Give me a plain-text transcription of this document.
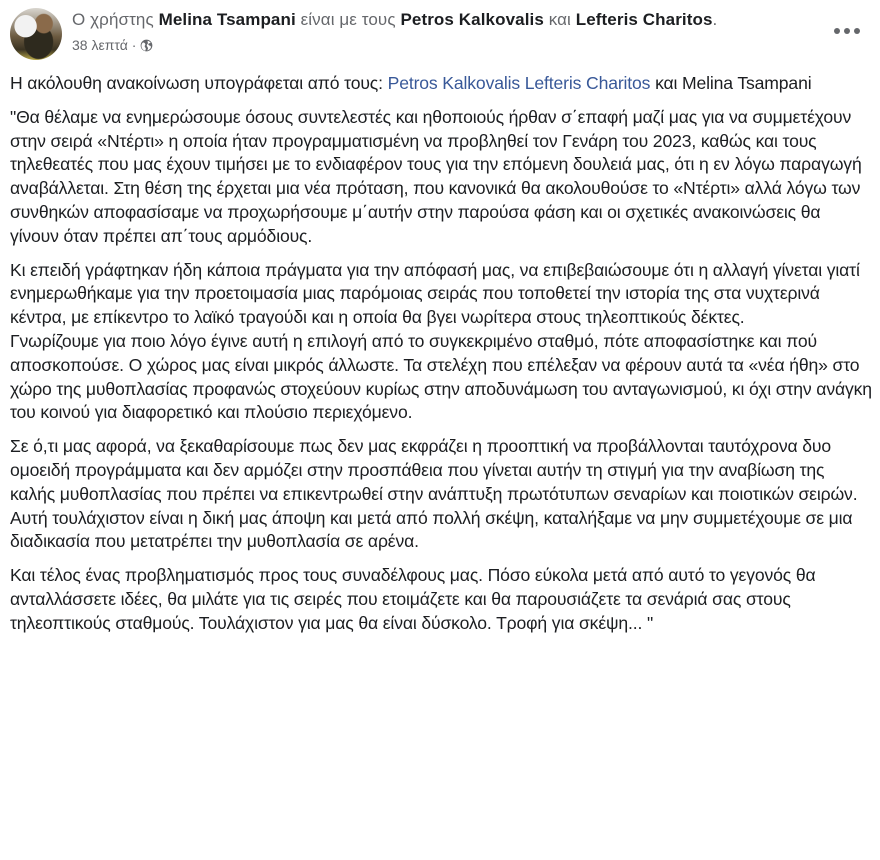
Ο χρήστης Melina Tsampani είναι με τους Petros Kalkovalis και Lefteris Charitos.
38 λεπτά ·

Η ακόλουθη ανακοίνωση υπογράφεται από τους: Petros Kalkovalis Lefteris Charitos και Melina Tsampani

"Θα θέλαμε να ενημερώσουμε όσους συντελεστές και ηθοποιούς ήρθαν σ΄επαφή μαζί μας για να συμμετέχουν στην σειρά «Ντέρτι» η οποία ήταν προγραμματισμένη να προβληθεί τον Γενάρη του 2023, καθώς και τους τηλεθεατές που μας έχουν τιμήσει με το ενδιαφέρον τους για την επόμενη δουλειά μας, ότι η εν λόγω παραγωγή αναβάλλεται. Στη θέση της έρχεται μια νέα πρόταση, που κανονικά θα ακολουθούσε το «Ντέρτι» αλλά λόγω των συνθηκών αποφασίσαμε να προχωρήσουμε μ΄αυτήν στην παρούσα φάση και οι σχετικές ανακοινώσεις θα γίνουν όταν πρέπει απ΄τους αρμόδιους.

Κι επειδή γράφτηκαν ήδη κάποια πράγματα για την απόφασή μας, να επιβεβαιώσουμε ότι η αλλαγή γίνεται γιατί ενημερωθήκαμε για την προετοιμασία μιας παρόμοιας σειράς που τοποθετεί την ιστορία της στα νυχτερινά κέντρα, με επίκεντρο το λαϊκό τραγούδι και η οποία θα βγει νωρίτερα στους τηλεοπτικούς δέκτες.
Γνωρίζουμε για ποιο λόγο έγινε αυτή η επιλογή από το συγκεκριμένο σταθμό, πότε αποφασίστηκε και πού αποσκοπούσε. Ο χώρος μας είναι μικρός άλλωστε. Τα στελέχη που επέλεξαν να φέρουν αυτά τα «νέα ήθη» στο χώρο της μυθοπλασίας προφανώς στοχεύουν κυρίως στην αποδυνάμωση του ανταγωνισμού, κι όχι στην ανάγκη του κοινού για διαφορετικό και πλούσιο περιεχόμενο.

Σε ό,τι μας αφορά, να ξεκαθαρίσουμε πως δεν μας εκφράζει η προοπτική να προβάλλονται ταυτόχρονα δυο ομοειδή προγράμματα και δεν αρμόζει στην προσπάθεια που γίνεται αυτήν τη στιγμή για την αναβίωση της καλής μυθοπλασίας που πρέπει να επικεντρωθεί στην ανάπτυξη πρωτότυπων σεναρίων και ποιοτικών σειρών. Αυτή τουλάχιστον είναι η δική μας άποψη και μετά από πολλή σκέψη, καταλήξαμε να μην συμμετέχουμε σε μια διαδικασία που μετατρέπει την μυθοπλασία σε αρένα.

Και τέλος ένας προβληματισμός προς τους συναδέλφους μας. Πόσο εύκολα μετά από αυτό το γεγονός θα ανταλλάσσετε ιδέες, θα μιλάτε για τις σειρές που ετοιμάζετε και θα παρουσιάζετε τα σενάριά σας στους τηλεοπτικούς σταθμούς. Τουλάχιστον για μας θα είναι δύσκολο. Τροφή για σκέψη... "
